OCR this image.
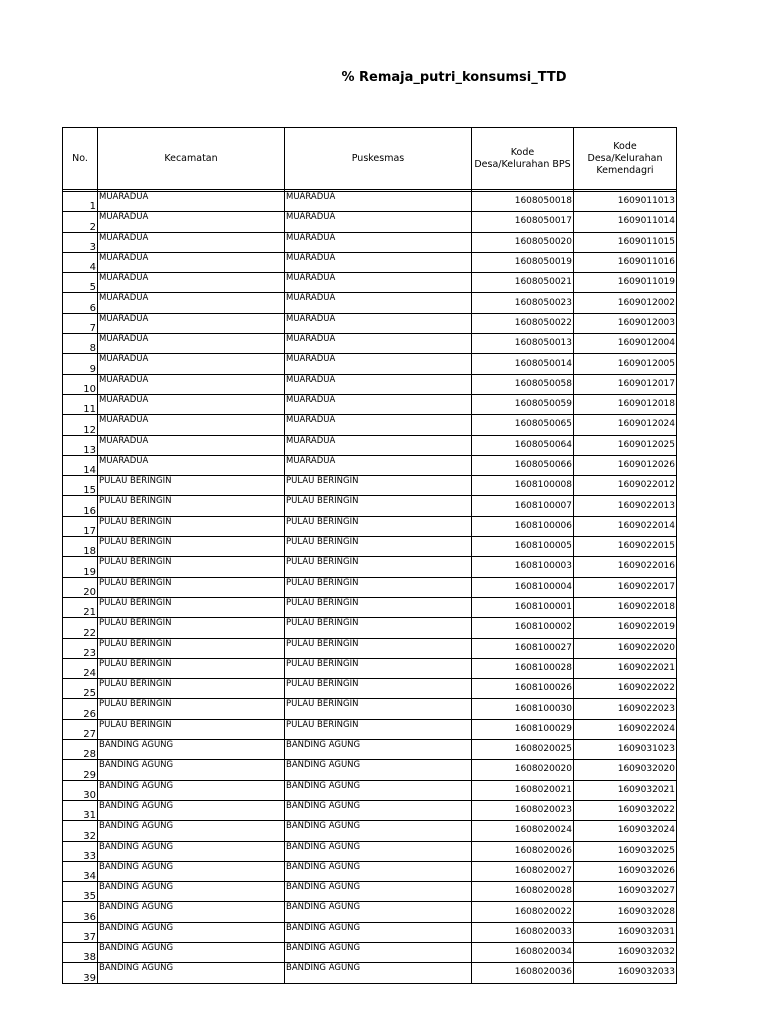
% Remaja_putri_konsumsi_TTD
No.	Kecamatan	Puskesmas	Kode Desa/Kelurahan BPS	Kode Desa/Kelurahan Kemendagri

1	MUARADUA	MUARADUA	1608050018	1609011013
2	MUARADUA	MUARADUA	1608050017	1609011014
3	MUARADUA	MUARADUA	1608050020	1609011015
4	MUARADUA	MUARADUA	1608050019	1609011016
5	MUARADUA	MUARADUA	1608050021	1609011019
6	MUARADUA	MUARADUA	1608050023	1609012002
7	MUARADUA	MUARADUA	1608050022	1609012003
8	MUARADUA	MUARADUA	1608050013	1609012004
9	MUARADUA	MUARADUA	1608050014	1609012005
10	MUARADUA	MUARADUA	1608050058	1609012017
11	MUARADUA	MUARADUA	1608050059	1609012018
12	MUARADUA	MUARADUA	1608050065	1609012024
13	MUARADUA	MUARADUA	1608050064	1609012025
14	MUARADUA	MUARADUA	1608050066	1609012026
15	PULAU BERINGIN	PULAU BERINGIN	1608100008	1609022012
16	PULAU BERINGIN	PULAU BERINGIN	1608100007	1609022013
17	PULAU BERINGIN	PULAU BERINGIN	1608100006	1609022014
18	PULAU BERINGIN	PULAU BERINGIN	1608100005	1609022015
19	PULAU BERINGIN	PULAU BERINGIN	1608100003	1609022016
20	PULAU BERINGIN	PULAU BERINGIN	1608100004	1609022017
21	PULAU BERINGIN	PULAU BERINGIN	1608100001	1609022018
22	PULAU BERINGIN	PULAU BERINGIN	1608100002	1609022019
23	PULAU BERINGIN	PULAU BERINGIN	1608100027	1609022020
24	PULAU BERINGIN	PULAU BERINGIN	1608100028	1609022021
25	PULAU BERINGIN	PULAU BERINGIN	1608100026	1609022022
26	PULAU BERINGIN	PULAU BERINGIN	1608100030	1609022023
27	PULAU BERINGIN	PULAU BERINGIN	1608100029	1609022024
28	BANDING AGUNG	BANDING AGUNG	1608020025	1609031023
29	BANDING AGUNG	BANDING AGUNG	1608020020	1609032020
30	BANDING AGUNG	BANDING AGUNG	1608020021	1609032021
31	BANDING AGUNG	BANDING AGUNG	1608020023	1609032022
32	BANDING AGUNG	BANDING AGUNG	1608020024	1609032024
33	BANDING AGUNG	BANDING AGUNG	1608020026	1609032025
34	BANDING AGUNG	BANDING AGUNG	1608020027	1609032026
35	BANDING AGUNG	BANDING AGUNG	1608020028	1609032027
36	BANDING AGUNG	BANDING AGUNG	1608020022	1609032028
37	BANDING AGUNG	BANDING AGUNG	1608020033	1609032031
38	BANDING AGUNG	BANDING AGUNG	1608020034	1609032032
39	BANDING AGUNG	BANDING AGUNG	1608020036	1609032033
